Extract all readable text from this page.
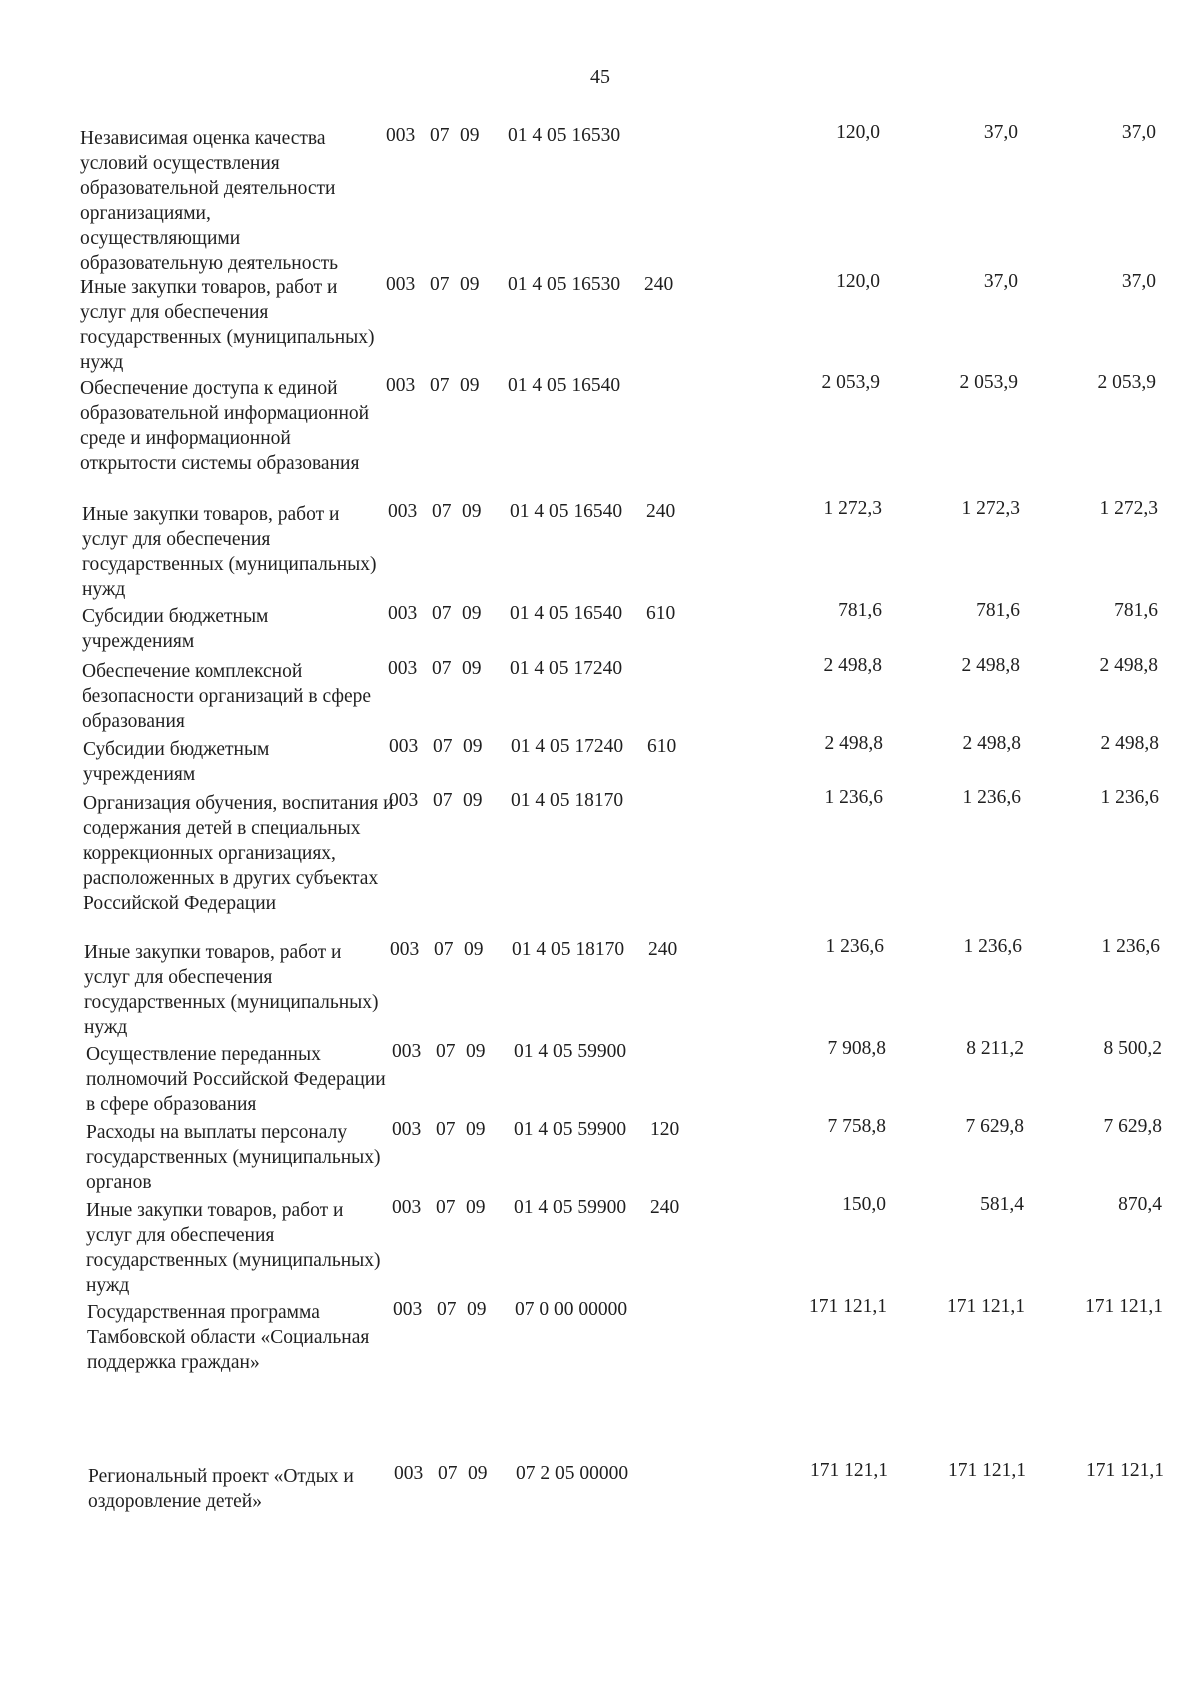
45
Независимая оценка качества условий осуществления образовательной деятельности организациями, осуществляющими образовательную деятельность
003 07 09 01 4 05 16530	120,0	37,0	37,0
Иные закупки товаров, работ и услуг для обеспечения государственных (муниципальных) нужд
003 07 09 01 4 05 16530 240	120,0	37,0	37,0
Обеспечение доступа к единой образовательной информационной среде и информационной открытости системы образования
003 07 09 01 4 05 16540	2 053,9	2 053,9	2 053,9
Иные закупки товаров, работ и услуг для обеспечения государственных (муниципальных) нужд
003 07 09 01 4 05 16540 240	1 272,3	1 272,3	1 272,3
Субсидии бюджетным учреждениям
003 07 09 01 4 05 16540 610	781,6	781,6	781,6
Обеспечение комплексной безопасности организаций в сфере образования
003 07 09 01 4 05 17240	2 498,8	2 498,8	2 498,8
Субсидии бюджетным учреждениям
003 07 09 01 4 05 17240 610	2 498,8	2 498,8	2 498,8
Организация обучения, воспитания и содержания детей в специальных коррекционных организациях, расположенных в других субъектах Российской Федерации
003 07 09 01 4 05 18170	1 236,6	1 236,6	1 236,6
Иные закупки товаров, работ и услуг для обеспечения государственных (муниципальных) нужд
003 07 09 01 4 05 18170 240	1 236,6	1 236,6	1 236,6
Осуществление переданных полномочий Российской Федерации в сфере образования
003 07 09 01 4 05 59900	7 908,8	8 211,2	8 500,2
Расходы на выплаты персоналу государственных (муниципальных) органов
003 07 09 01 4 05 59900 120	7 758,8	7 629,8	7 629,8
Иные закупки товаров, работ и услуг для обеспечения государственных (муниципальных) нужд
003 07 09 01 4 05 59900 240	150,0	581,4	870,4
Государственная программа Тамбовской области «Социальная поддержка граждан»
003 07 09 07 0 00 00000	171 121,1	171 121,1	171 121,1
Региональный проект «Отдых и оздоровление детей»
003 07 09 07 2 05 00000	171 121,1	171 121,1	171 121,1
